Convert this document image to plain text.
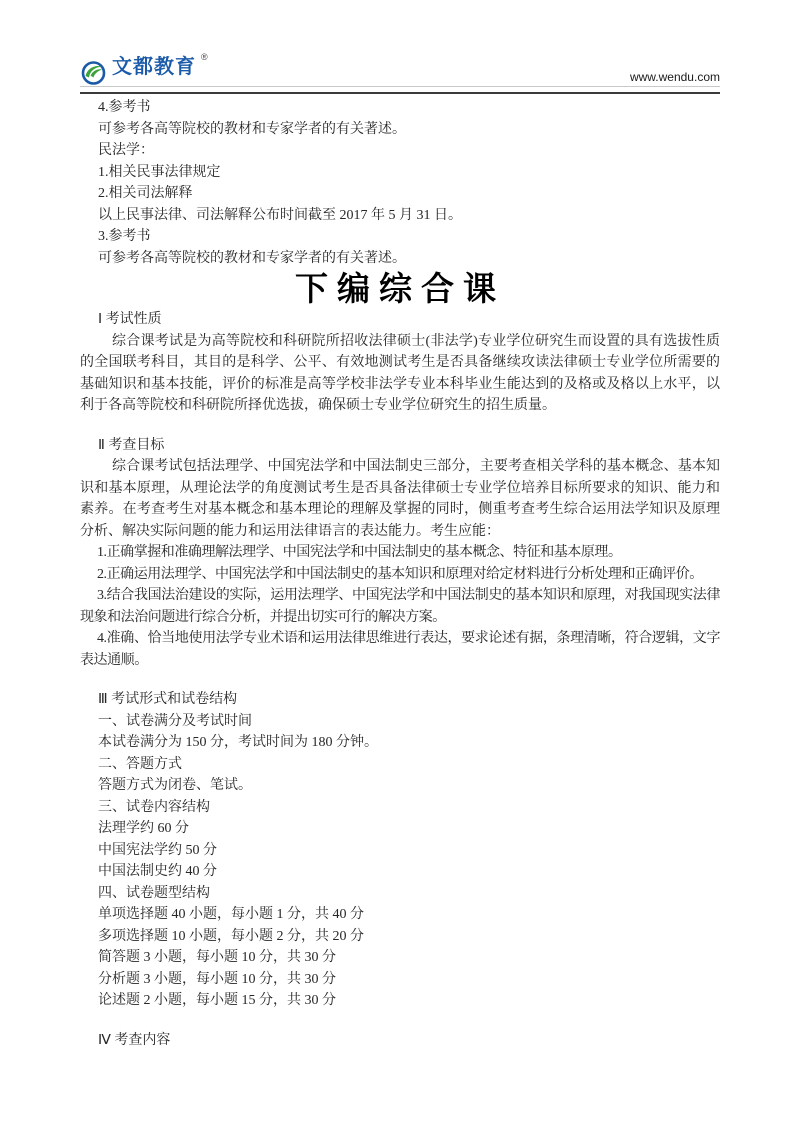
文都教育 ®
www.wendu.com
4.参考书
可参考各高等院校的教材和专家学者的有关著述。
民法学：
1.相关民事法律规定
2.相关司法解释
以上民事法律、司法解释公布时间截至 2017 年 5 月 31 日。
3.参考书
可参考各高等院校的教材和专家学者的有关著述。
下编综合课
Ⅰ 考试性质
综合课考试是为高等院校和科研院所招收法律硕士(非法学)专业学位研究生而设置的具有选拔性质的全国联考科目，其目的是科学、公平、有效地测试考生是否具备继续攻读法律硕士专业学位所需要的基础知识和基本技能，评价的标准是高等学校非法学专业本科毕业生能达到的及格或及格以上水平，以利于各高等院校和科研院所择优选拔，确保硕士专业学位研究生的招生质量。
Ⅱ 考查目标
综合课考试包括法理学、中国宪法学和中国法制史三部分，主要考查相关学科的基本概念、基本知识和基本原理，从理论法学的角度测试考生是否具备法律硕士专业学位培养目标所要求的知识、能力和素养。在考查考生对基本概念和基本理论的理解及掌握的同时，侧重考查考生综合运用法学知识及原理分析、解决实际问题的能力和运用法律语言的表达能力。考生应能：
1.正确掌握和准确理解法理学、中国宪法学和中国法制史的基本概念、特征和基本原理。
2.正确运用法理学、中国宪法学和中国法制史的基本知识和原理对给定材料进行分析处理和正确评价。
3.结合我国法治建设的实际，运用法理学、中国宪法学和中国法制史的基本知识和原理，对我国现实法律现象和法治问题进行综合分析，并提出切实可行的解决方案。
4.准确、恰当地使用法学专业术语和运用法律思维进行表达，要求论述有据，条理清晰，符合逻辑，文字表达通顺。
Ⅲ 考试形式和试卷结构
一、试卷满分及考试时间
本试卷满分为 150 分，考试时间为 180 分钟。
二、答题方式
答题方式为闭卷、笔试。
三、试卷内容结构
法理学约 60 分
中国宪法学约 50 分
中国法制史约 40 分
四、试卷题型结构
单项选择题 40 小题，每小题 1 分，共 40 分
多项选择题 10 小题，每小题 2 分，共 20 分
简答题 3 小题，每小题 10 分，共 30 分
分析题 3 小题，每小题 10 分，共 30 分
论述题 2 小题，每小题 15 分，共 30 分
Ⅳ 考查内容
